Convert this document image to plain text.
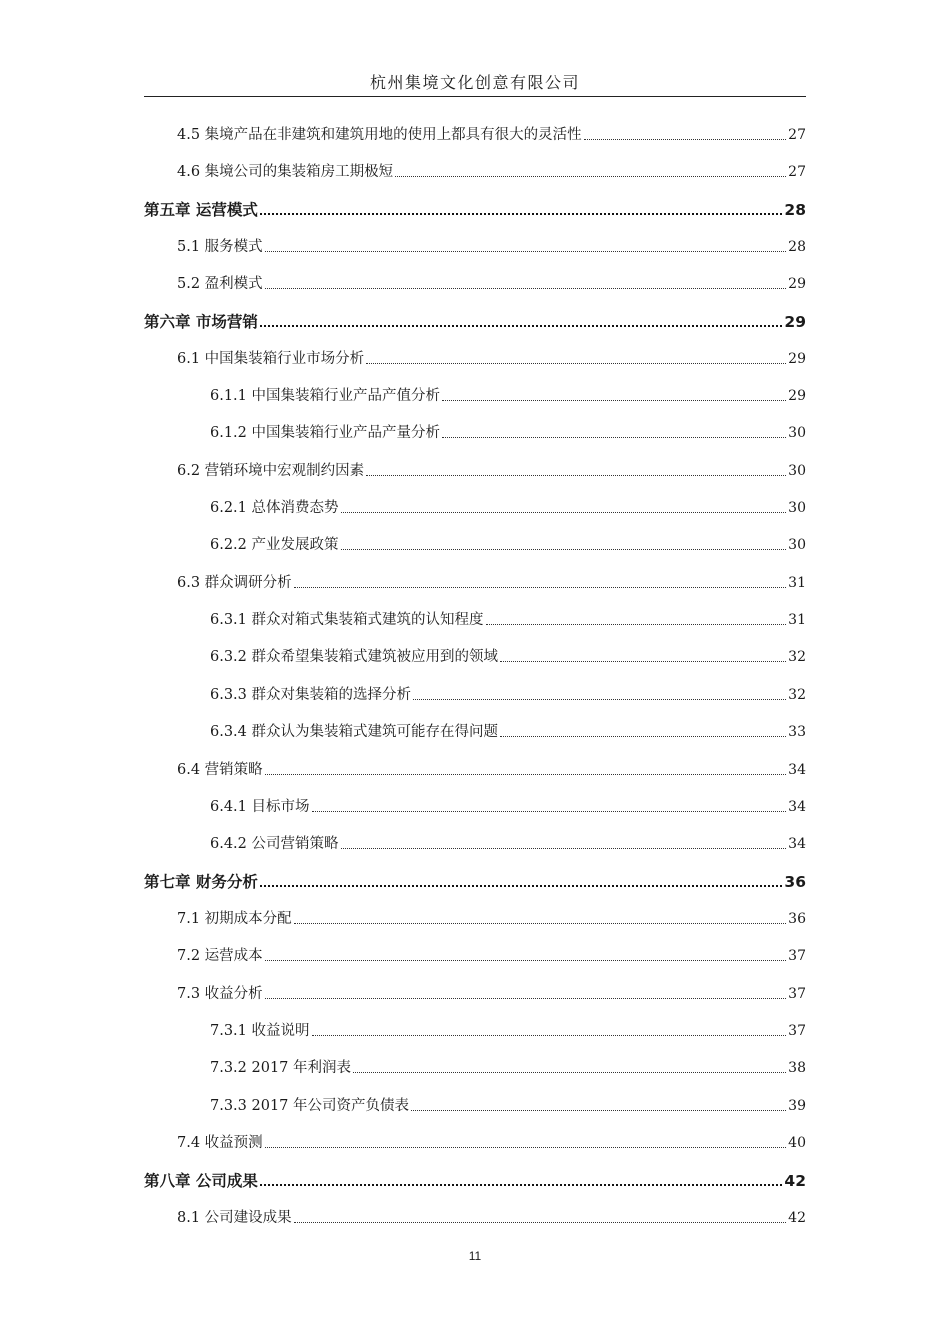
杭州集境文化创意有限公司
4.5 集境产品在非建筑和建筑用地的使用上都具有很大的灵活性	27
4.6 集境公司的集装箱房工期极短	27
第五章 运营模式	28
5.1 服务模式	28
5.2 盈利模式	29
第六章 市场营销	29
6.1 中国集装箱行业市场分析	29
6.1.1 中国集装箱行业产品产值分析	29
6.1.2 中国集装箱行业产品产量分析	30
6.2 营销环境中宏观制约因素	30
6.2.1 总体消费态势	30
6.2.2 产业发展政策	30
6.3 群众调研分析	31
6.3.1 群众对箱式集装箱式建筑的认知程度	31
6.3.2 群众希望集装箱式建筑被应用到的领域	32
6.3.3 群众对集装箱的选择分析	32
6.3.4 群众认为集装箱式建筑可能存在得问题	33
6.4 营销策略	34
6.4.1 目标市场	34
6.4.2 公司营销策略	34
第七章 财务分析	36
7.1 初期成本分配	36
7.2 运营成本	37
7.3 收益分析	37
7.3.1 收益说明	37
7.3.2 2017 年利润表	38
7.3.3 2017 年公司资产负债表	39
7.4 收益预测	40
第八章 公司成果	42
8.1 公司建设成果	42
11
